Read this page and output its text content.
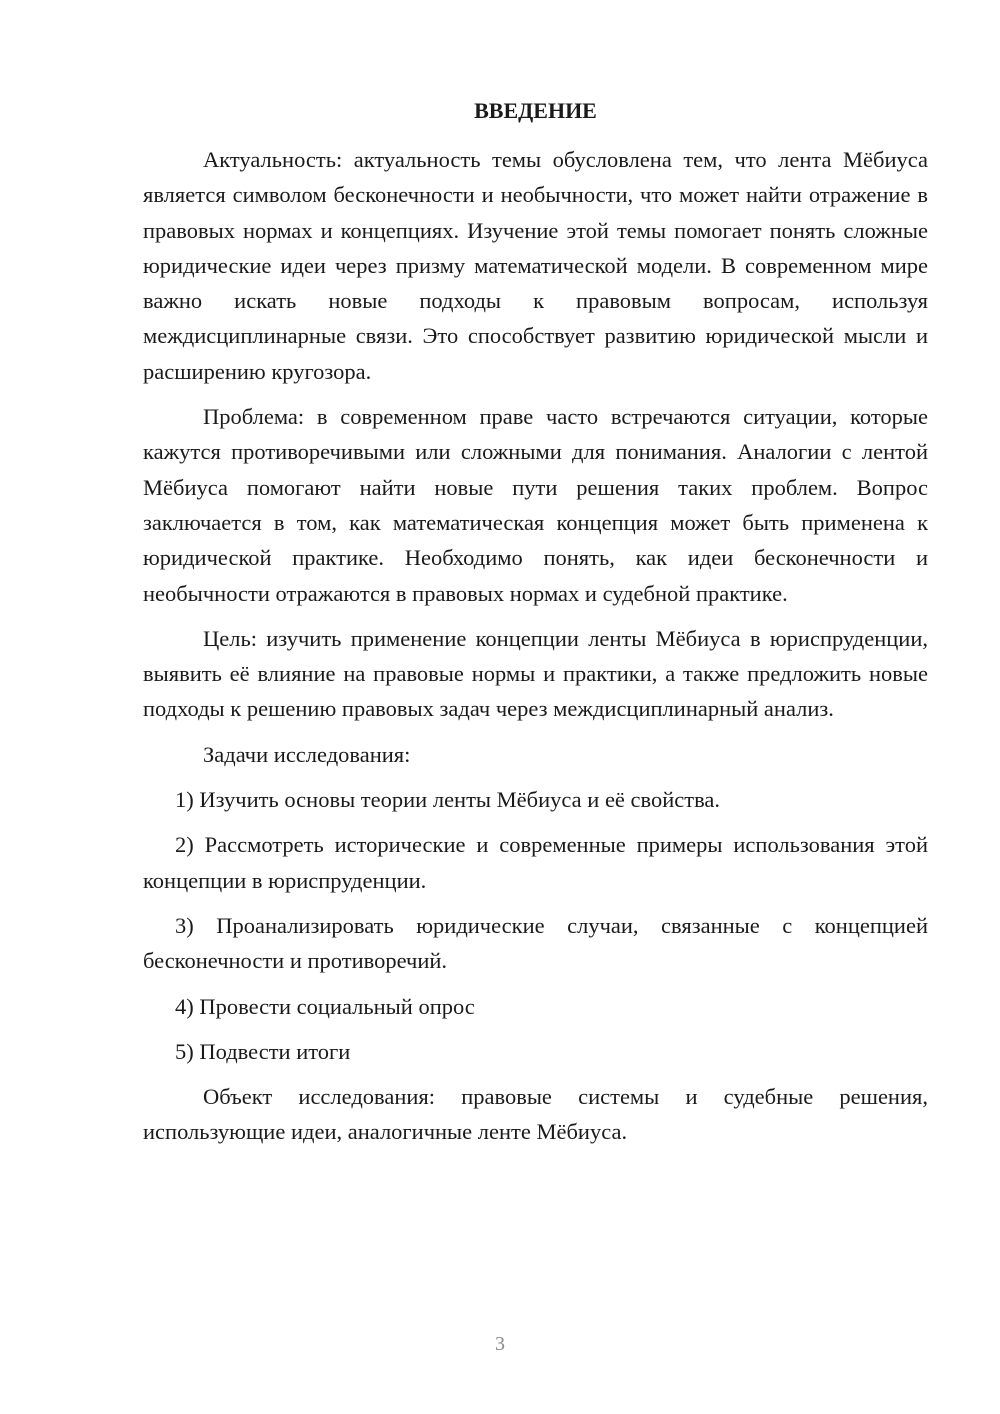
ВВЕДЕНИЕ

Актуальность: актуальность темы обусловлена тем, что лента Мёбиуса является символом бесконечности и необычности, что может найти отражение в правовых нормах и концепциях. Изучение этой темы помогает понять сложные юридические идеи через призму математической модели. В современном мире важно искать новые подходы к правовым вопросам, используя междисциплинарные связи. Это способствует развитию юридической мысли и расширению кругозора.

Проблема: в современном праве часто встречаются ситуации, которые кажутся противоречивыми или сложными для понимания. Аналогии с лентой Мёбиуса помогают найти новые пути решения таких проблем. Вопрос заключается в том, как математическая концепция может быть применена к юридической практике. Необходимо понять, как идеи бесконечности и необычности отражаются в правовых нормах и судебной практике.

Цель: изучить применение концепции ленты Мёбиуса в юриспруденции, выявить её влияние на правовые нормы и практики, а также предложить новые подходы к решению правовых задач через междисциплинарный анализ.

Задачи исследования:

1) Изучить основы теории ленты Мёбиуса и её свойства.

2) Рассмотреть исторические и современные примеры использования этой концепции в юриспруденции.

3) Проанализировать юридические случаи, связанные с концепцией бесконечности и противоречий.

4) Провести социальный опрос

5) Подвести итоги

Объект исследования: правовые системы и судебные решения, использующие идеи, аналогичные ленте Мёбиуса.

3
